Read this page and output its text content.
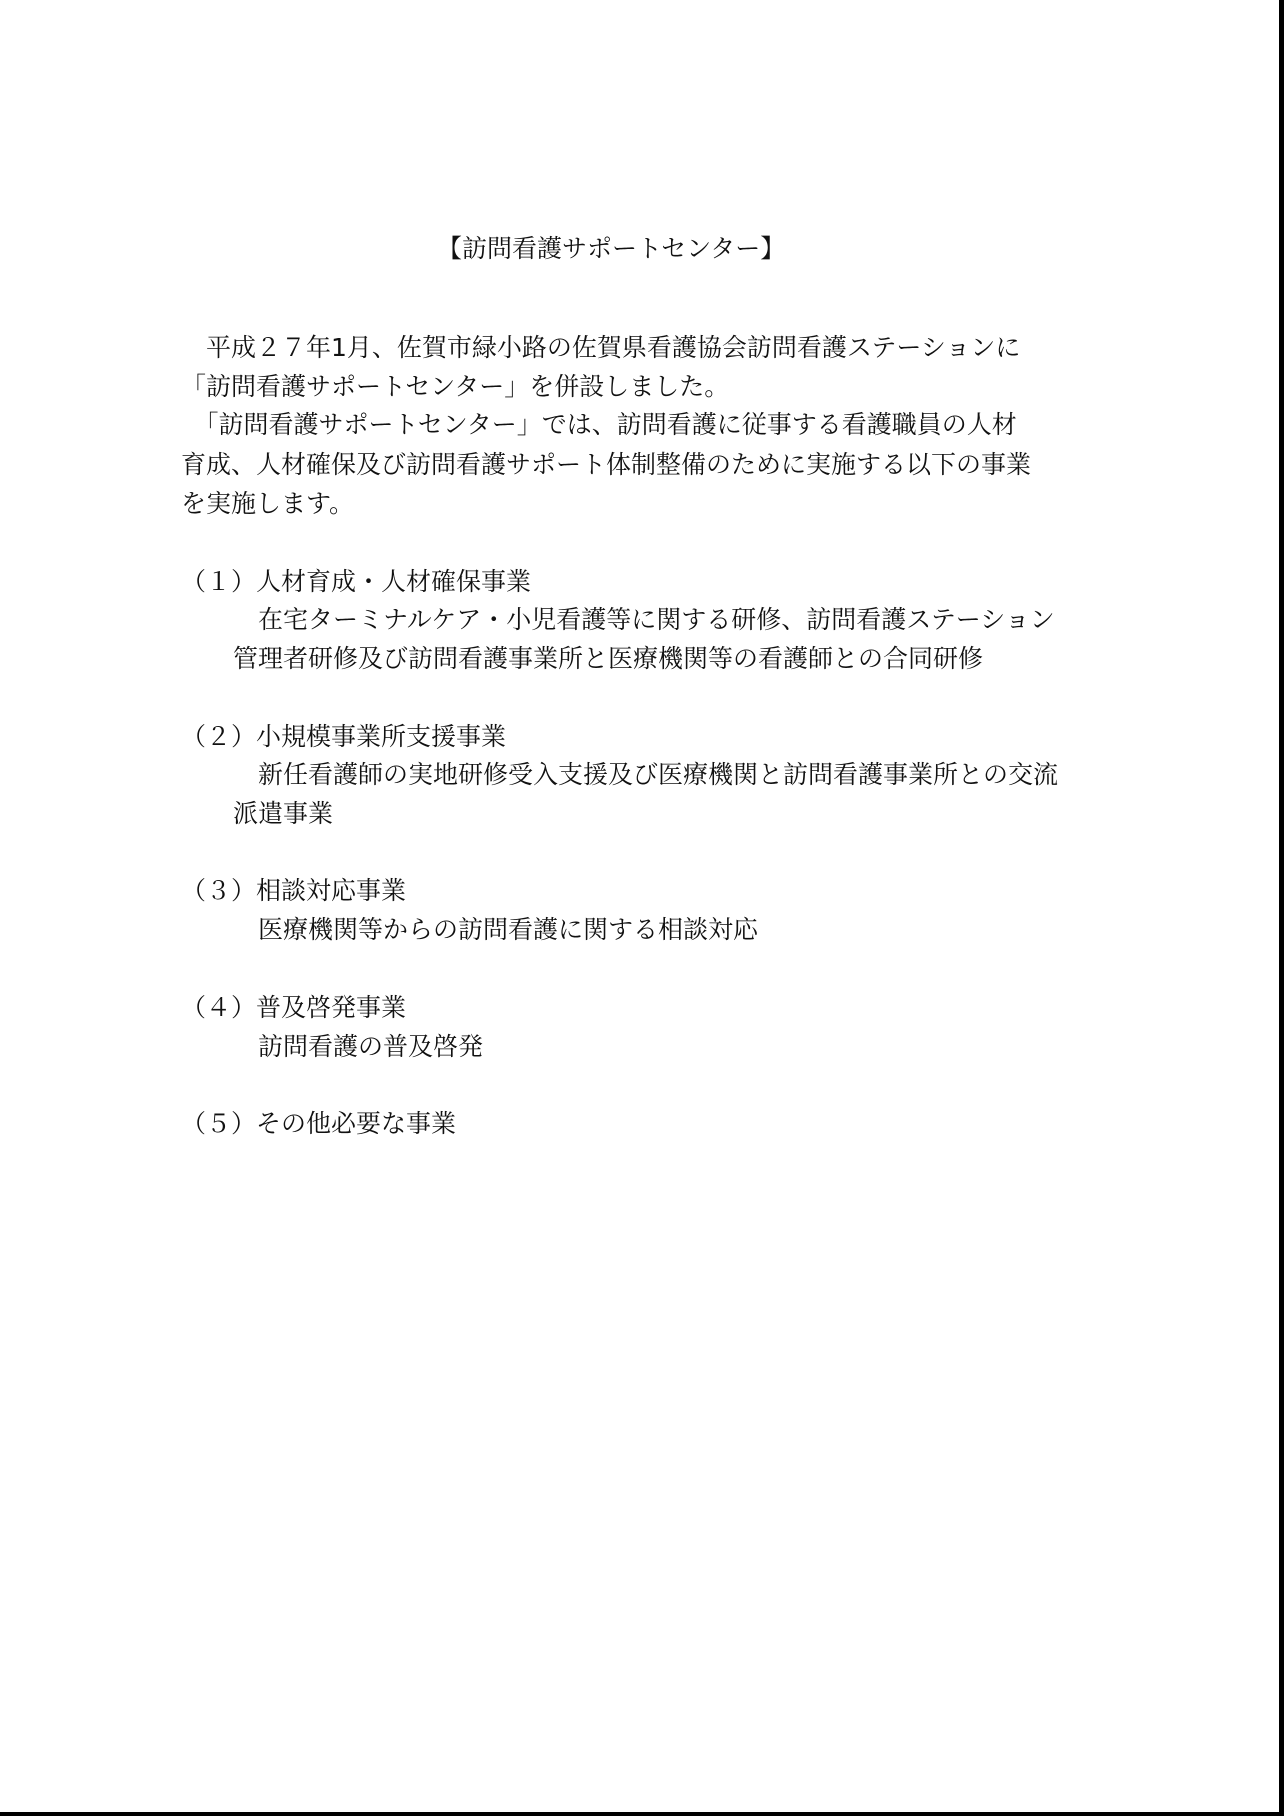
【訪問看護サポートセンター】
　平成２７年1月、佐賀市緑小路の佐賀県看護協会訪問看護ステーションに
「訪問看護サポートセンター」を併設しました。
　「訪問看護サポートセンター」では、訪問看護に従事する看護職員の人材
育成、人材確保及び訪問看護サポート体制整備のために実施する以下の事業
を実施します。
（１）人材育成・人材確保事業
在宅ターミナルケア・小児看護等に関する研修、訪問看護ステーション
管理者研修及び訪問看護事業所と医療機関等の看護師との合同研修
（２）小規模事業所支援事業
新任看護師の実地研修受入支援及び医療機関と訪問看護事業所との交流
派遣事業
（３）相談対応事業
医療機関等からの訪問看護に関する相談対応
（４）普及啓発事業
訪問看護の普及啓発
（５）その他必要な事業
